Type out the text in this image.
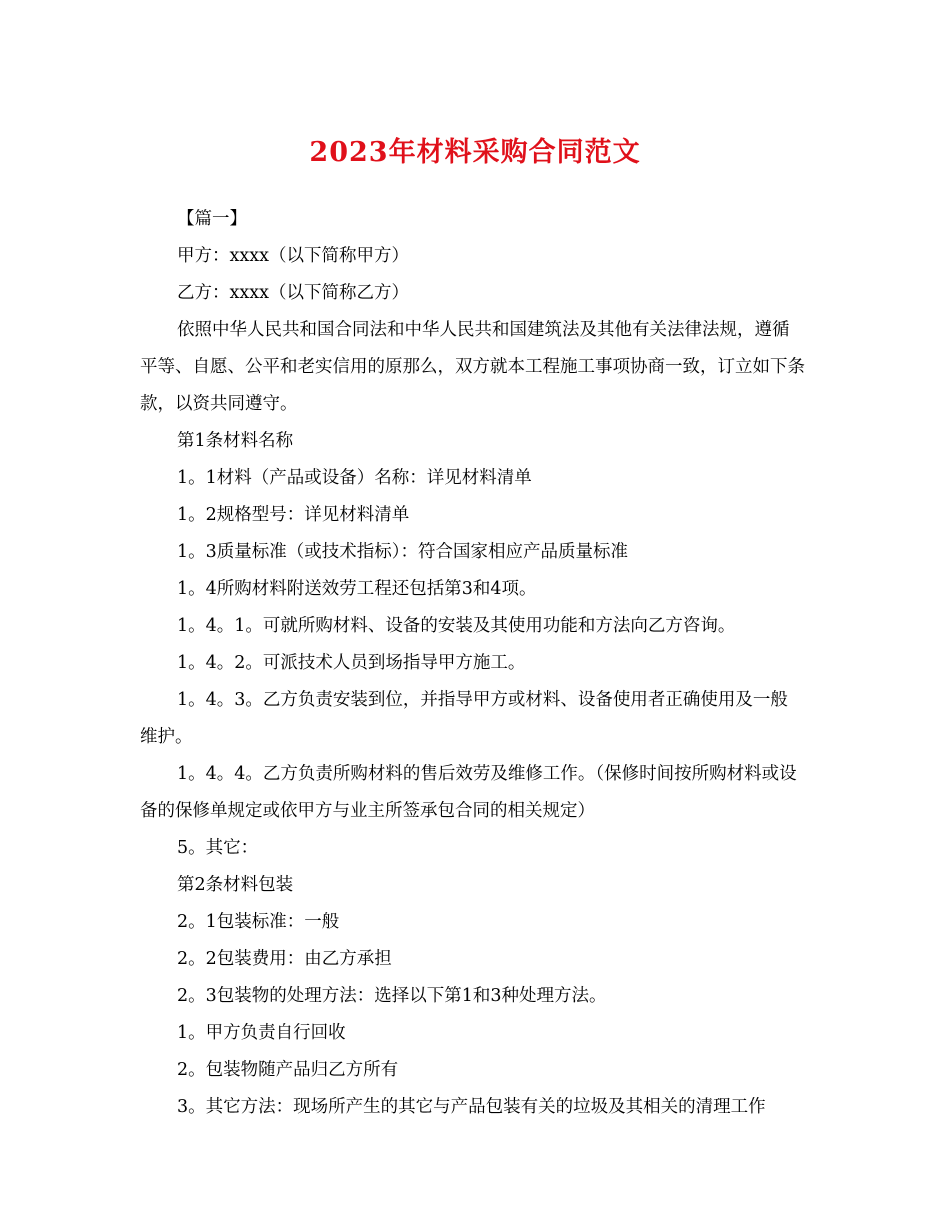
2023年材料采购合同范文

【篇一】

甲方：xxxx（以下简称甲方）

乙方：xxxx（以下简称乙方）

依照中华人民共和国合同法和中华人民共和国建筑法及其他有关法律法规，遵循平等、自愿、公平和老实信用的原那么，双方就本工程施工事项协商一致，订立如下条款，以资共同遵守。

第1条材料名称

1。1材料（产品或设备）名称：详见材料清单

1。2规格型号：详见材料清单

1。3质量标准（或技术指标）：符合国家相应产品质量标准

1。4所购材料附送效劳工程还包括第3和4项。

1。4。1。可就所购材料、设备的安装及其使用功能和方法向乙方咨询。

1。4。2。可派技术人员到场指导甲方施工。

1。4。3。乙方负责安装到位，并指导甲方或材料、设备使用者正确使用及一般维护。

1。4。4。乙方负责所购材料的售后效劳及维修工作。（保修时间按所购材料或设备的保修单规定或依甲方与业主所签承包合同的相关规定）

5。其它：

第2条材料包装

2。1包装标准：一般

2。2包装费用：由乙方承担

2。3包装物的处理方法：选择以下第1和3种处理方法。

1。甲方负责自行回收

2。包装物随产品归乙方所有

3。其它方法：现场所产生的其它与产品包装有关的垃圾及其相关的清理工作
